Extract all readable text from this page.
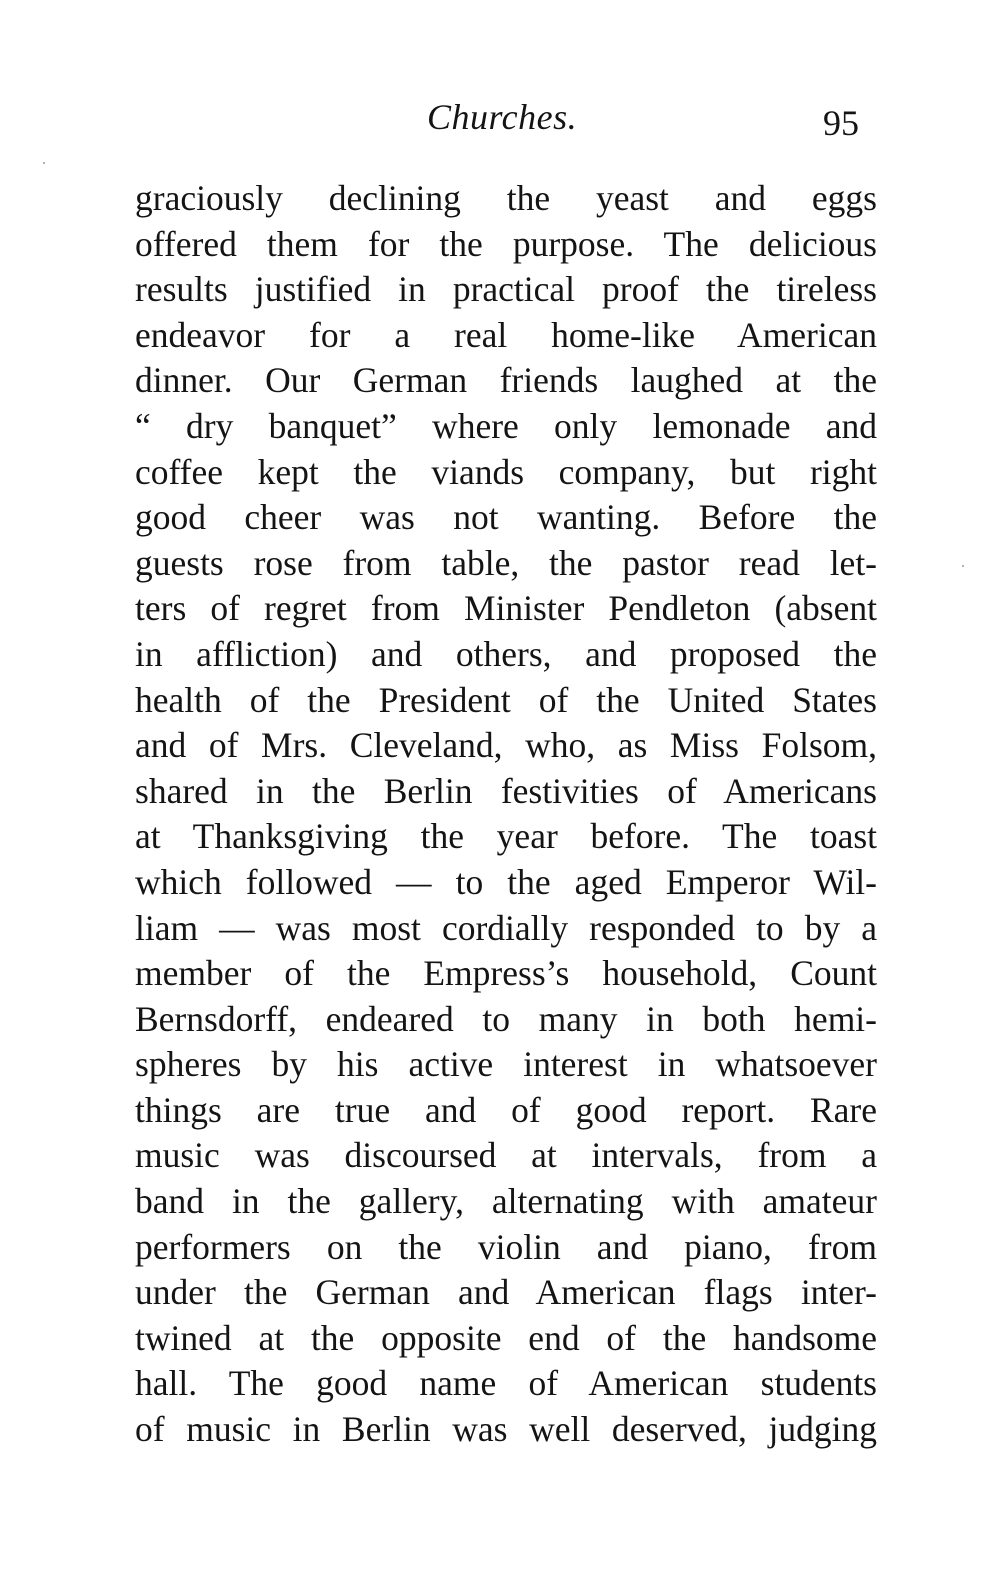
Churches.	95
graciously declining the yeast and eggs
offered them for the purpose. The delicious
results justified in practical proof the tireless
endeavor for a real home-like American
dinner. Our German friends laughed at the
“ dry banquet” where only lemonade and
coffee kept the viands company, but right
good cheer was not wanting. Before the
guests rose from table, the pastor read let-
ters of regret from Minister Pendleton (absent
in affliction) and others, and proposed the
health of the President of the United States
and of Mrs. Cleveland, who, as Miss Folsom,
shared in the Berlin festivities of Americans
at Thanksgiving the year before. The toast
which followed — to the aged Emperor Wil-
liam — was most cordially responded to by a
member of the Empress’s household, Count
Bernsdorff, endeared to many in both hemi-
spheres by his active interest in whatsoever
things are true and of good report. Rare
music was discoursed at intervals, from a
band in the gallery, alternating with amateur
performers on the violin and piano, from
under the German and American flags inter-
twined at the opposite end of the handsome
hall. The good name of American students
of music in Berlin was well deserved, judging
